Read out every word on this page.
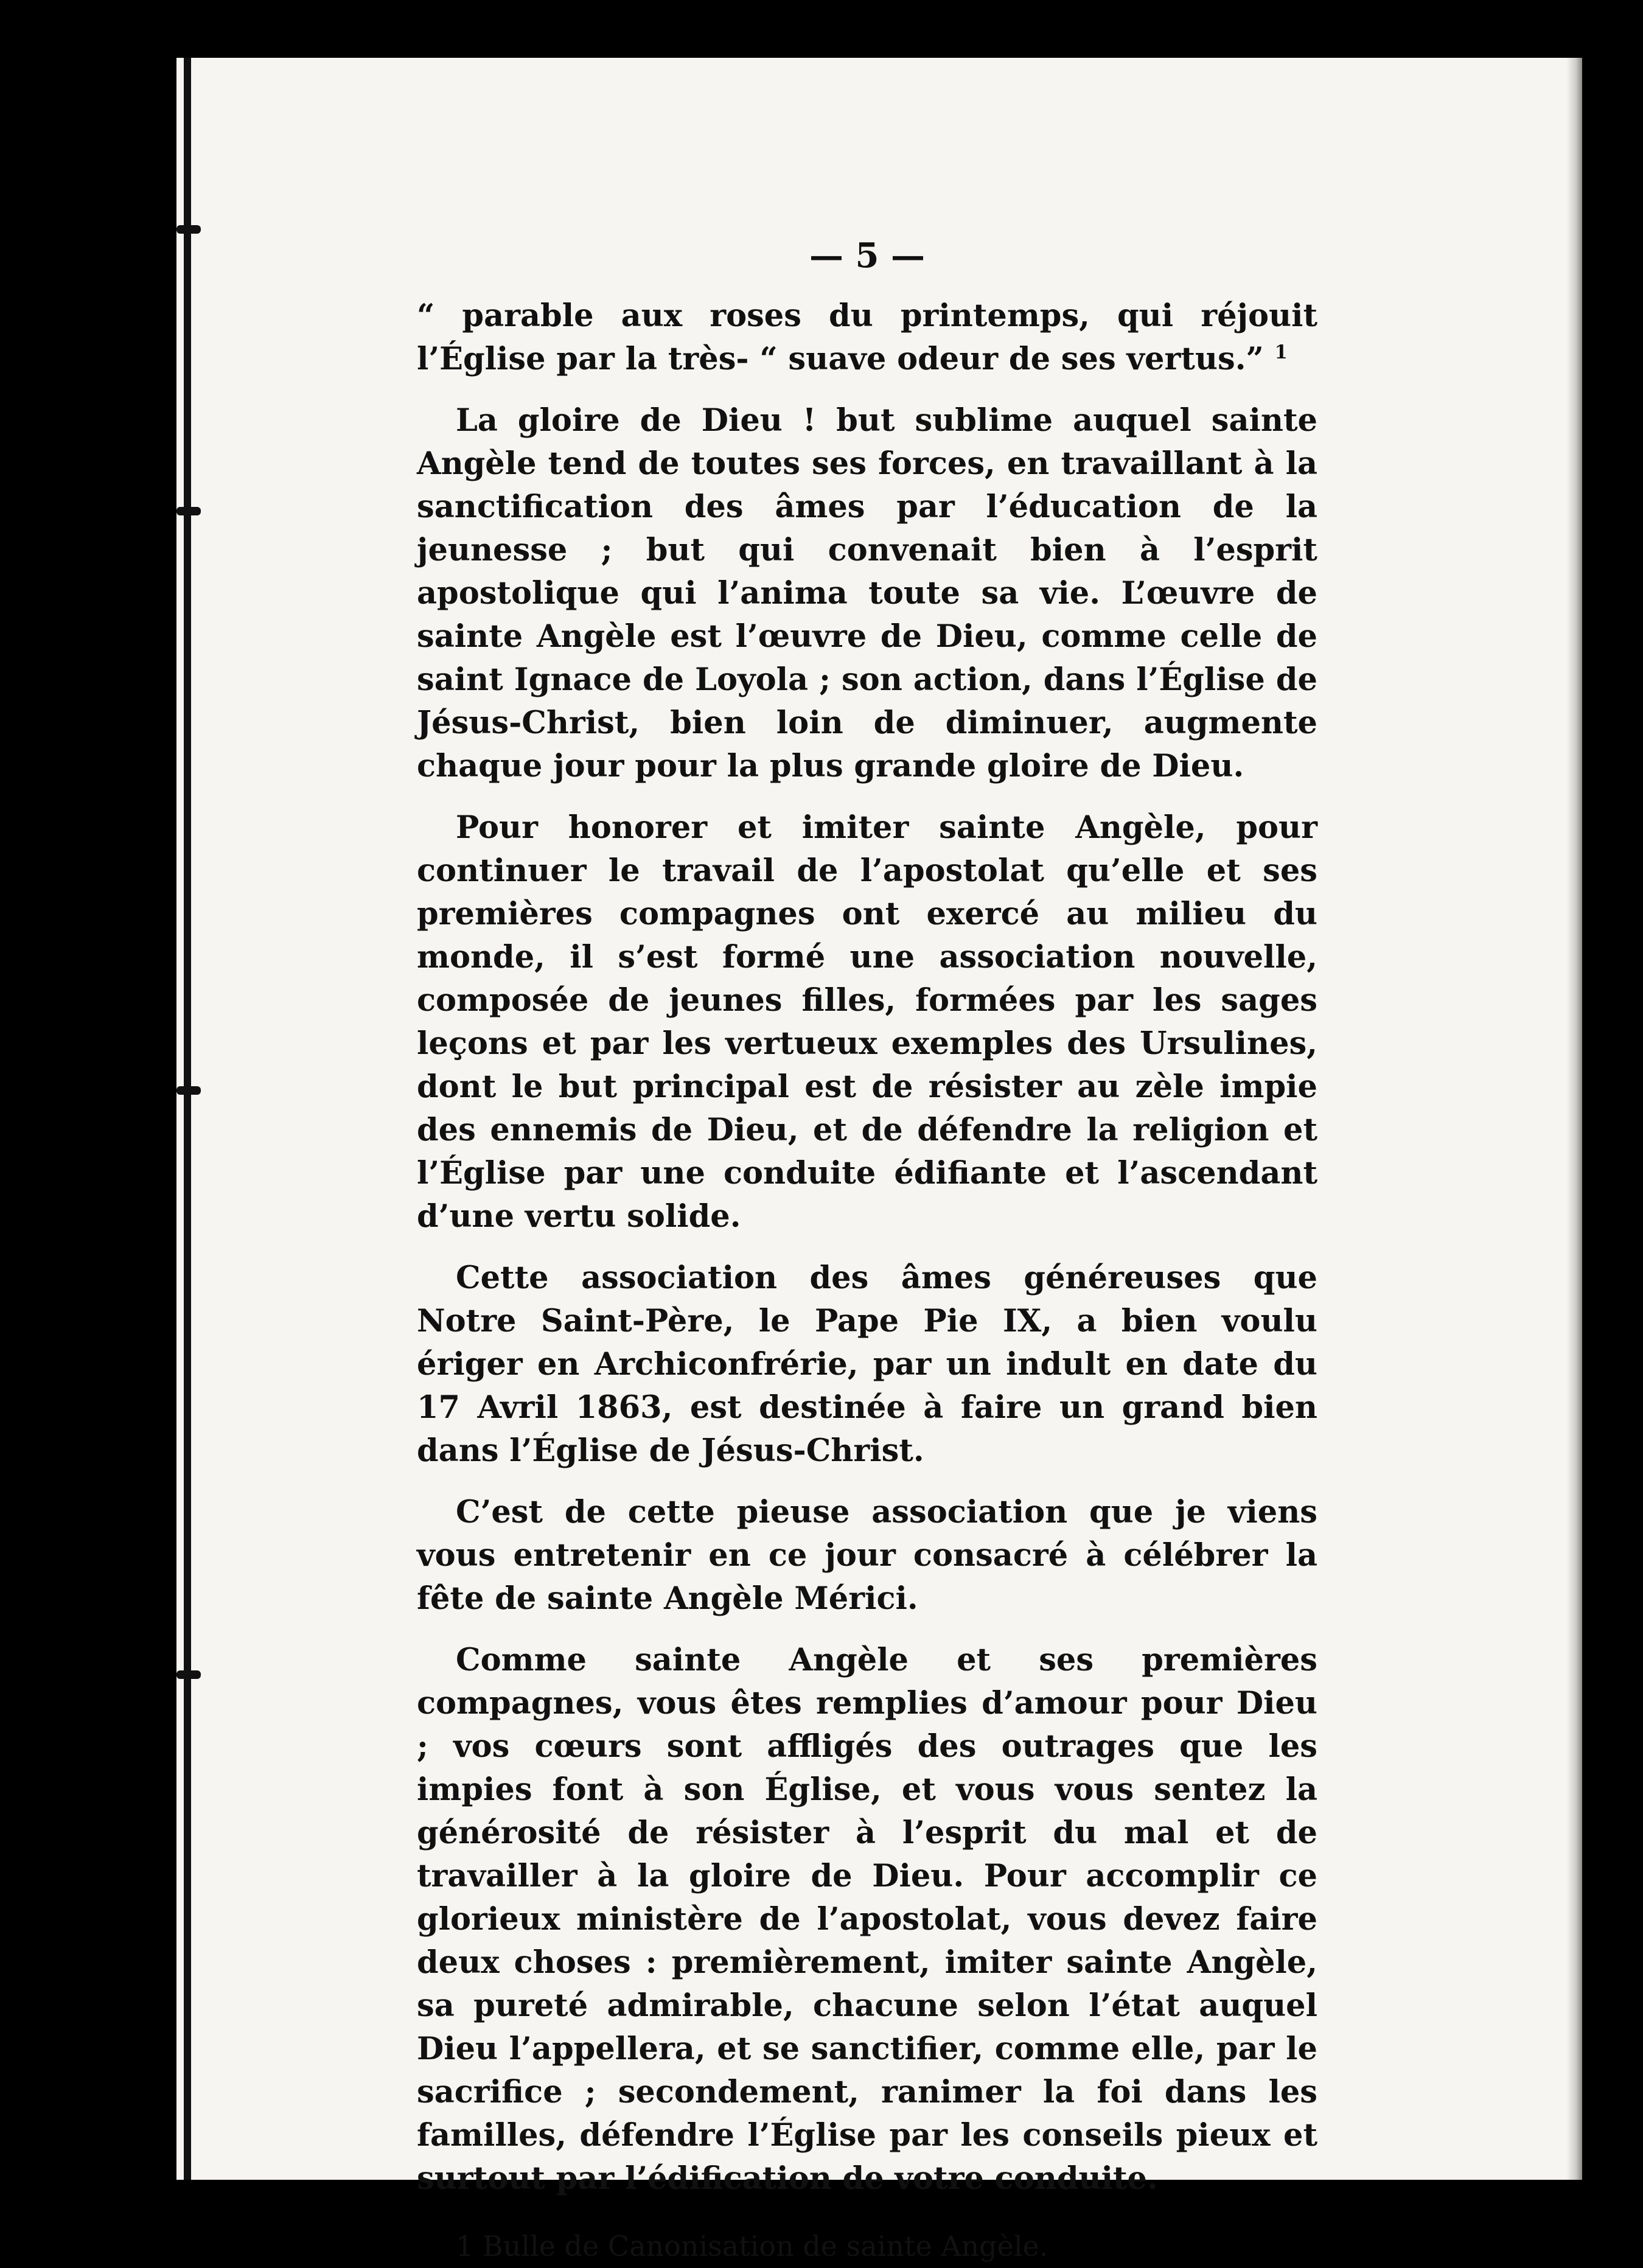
— 5 —

“ parable aux roses du printemps, qui réjouit l’Église par la très- “ suave odeur de ses vertus.” $^1$

La gloire de Dieu ! but sublime auquel sainte Angèle tend de toutes ses forces, en travaillant à la sanctification des âmes par l’éducation de la jeunesse ; but qui convenait bien à l’esprit apostolique qui l’anima toute sa vie. L’œuvre de sainte Angèle est l’œuvre de Dieu, comme celle de saint Ignace de Loyola ; son action, dans l’Église de Jésus-Christ, bien loin de diminuer, augmente chaque jour pour la plus grande gloire de Dieu.

Pour honorer et imiter sainte Angèle, pour continuer le travail de l’apostolat qu’elle et ses premières compagnes ont exercé au milieu du monde, il s’est formé une association nouvelle, composée de jeunes filles, formées par les sages leçons et par les vertueux exemples des Ursulines, dont le but principal est de résister au zèle impie des ennemis de Dieu, et de défendre la religion et l’Église par une conduite édifiante et l’ascendant d’une vertu solide.

Cette association des âmes généreuses que Notre Saint-Père, le Pape Pie IX, a bien voulu ériger en Archiconfrérie, par un indult en date du 17 Avril 1863, est destinée à faire un grand bien dans l’Église de Jésus-Christ.

C’est de cette pieuse association que je viens vous entretenir en ce jour consacré à célébrer la fête de sainte Angèle Mérici.

Comme sainte Angèle et ses premières compagnes, vous êtes remplies d’amour pour Dieu ; vos cœurs sont affligés des outrages que les impies font à son Église, et vous vous sentez la générosité de résister à l’esprit du mal et de travailler à la gloire de Dieu. Pour accomplir ce glorieux ministère de l’apostolat, vous devez faire deux choses : premièrement, imiter sainte Angèle, sa pureté admirable, chacune selon l’état auquel Dieu l’appellera, et se sanctifier, comme elle, par le sacrifice ; secondement, ranimer la foi dans les familles, défendre l’Église par les conseils pieux et surtout par l’édification de votre conduite.

1 Bulle de Canonisation de sainte Angèle.
